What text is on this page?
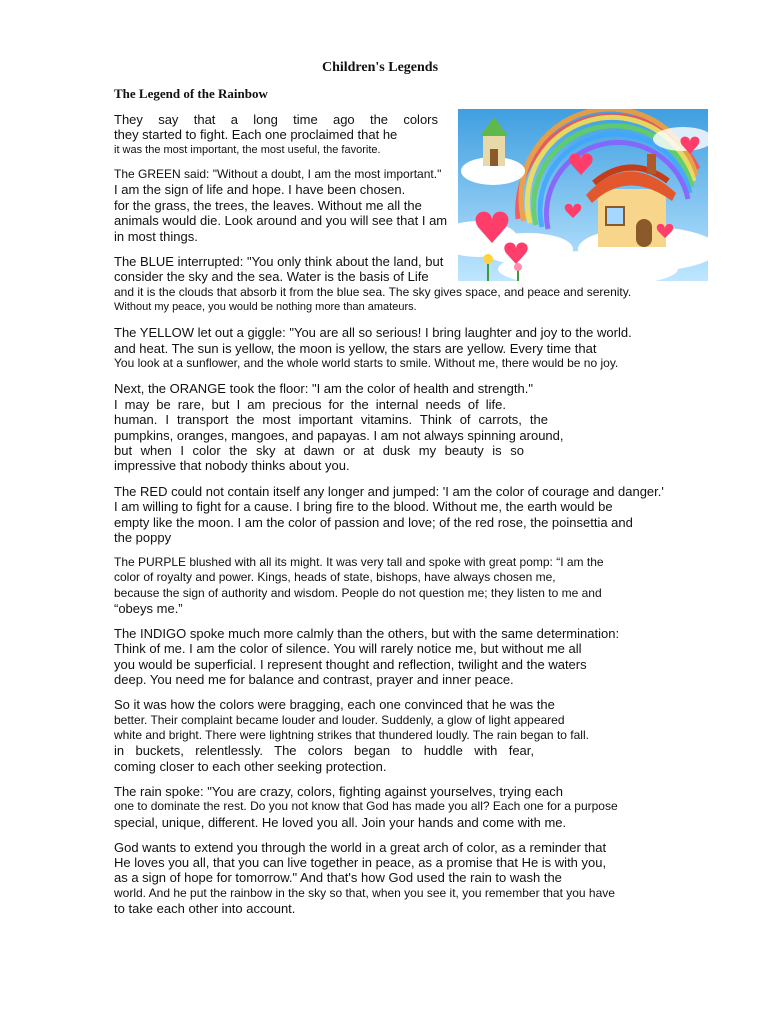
Children's Legends
The Legend of the Rainbow
They say that a long time ago the colors
they started to fight. Each one proclaimed that he
it was the most important, the most useful, the favorite.
The GREEN said: "Without a doubt, I am the most important."
I am the sign of life and hope. I have been chosen.
for the grass, the trees, the leaves. Without me all the
animals would die. Look around and you will see that I am
in most things.
The BLUE interrupted: "You only think about the land, but
consider the sky and the sea. Water is the basis of Life
and it is the clouds that absorb it from the blue sea. The sky gives space, and peace and serenity.
Without my peace, you would be nothing more than amateurs.
The YELLOW let out a giggle: "You are all so serious! I bring laughter and joy to the world.
and heat. The sun is yellow, the moon is yellow, the stars are yellow. Every time that
You look at a sunflower, and the whole world starts to smile. Without me, there would be no joy.
Next, the ORANGE took the floor: "I am the color of health and strength."
I may be rare, but I am precious for the internal needs of life.
human. I transport the most important vitamins. Think of carrots, the
pumpkins, oranges, mangoes, and papayas. I am not always spinning around,
but when I color the sky at dawn or at dusk my beauty is so
impressive that nobody thinks about you.
The RED could not contain itself any longer and jumped: 'I am the color of courage and danger.'
I am willing to fight for a cause. I bring fire to the blood. Without me, the earth would be
empty like the moon. I am the color of passion and love; of the red rose, the poinsettia and
the poppy
The PURPLE blushed with all its might. It was very tall and spoke with great pomp: “I am the
color of royalty and power. Kings, heads of state, bishops, have always chosen me,
because the sign of authority and wisdom. People do not question me; they listen to me and
“obeys me.”
The INDIGO spoke much more calmly than the others, but with the same determination:
Think of me. I am the color of silence. You will rarely notice me, but without me all
you would be superficial. I represent thought and reflection, twilight and the waters
deep. You need me for balance and contrast, prayer and inner peace.
So it was how the colors were bragging, each one convinced that he was the
better. Their complaint became louder and louder. Suddenly, a glow of light appeared
white and bright. There were lightning strikes that thundered loudly. The rain began to fall.
in buckets, relentlessly. The colors began to huddle with fear,
coming closer to each other seeking protection.
The rain spoke: "You are crazy, colors, fighting against yourselves, trying each
one to dominate the rest. Do you not know that God has made you all? Each one for a purpose
special, unique, different. He loved you all. Join your hands and come with me.
God wants to extend you through the world in a great arch of color, as a reminder that
He loves you all, that you can live together in peace, as a promise that He is with you,
as a sign of hope for tomorrow." And that's how God used the rain to wash the
world. And he put the rainbow in the sky so that, when you see it, you remember that you have
to take each other into account.
